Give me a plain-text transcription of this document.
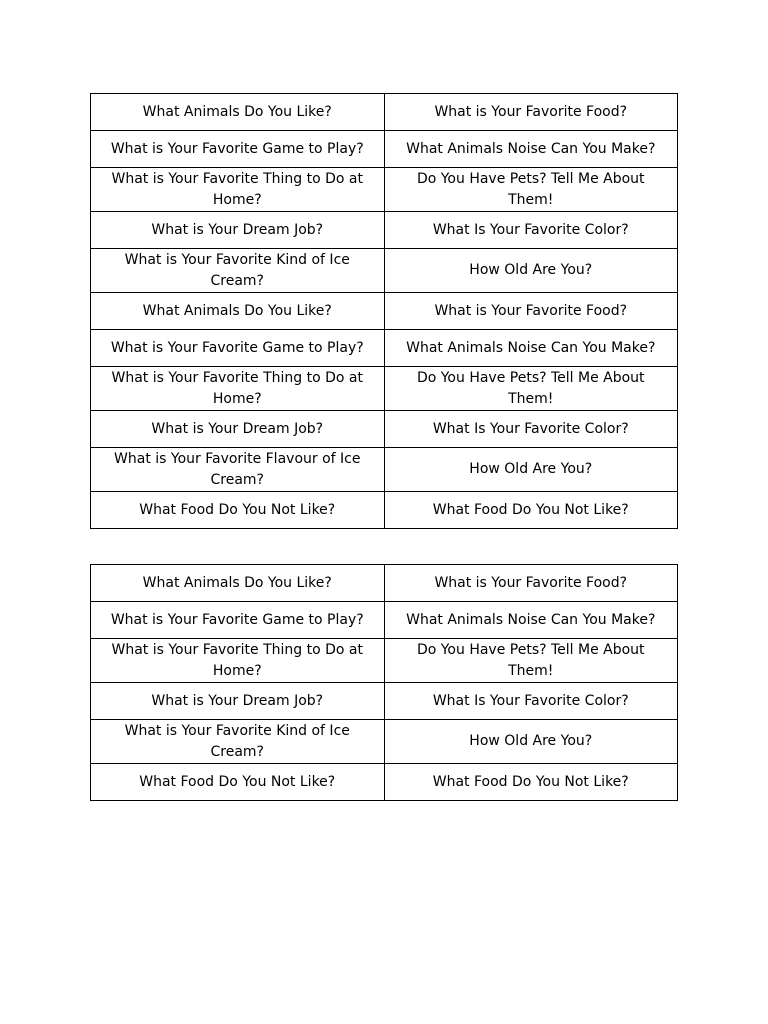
What Animals Do You Like?	What is Your Favorite Food?
What is Your Favorite Game to Play?	What Animals Noise Can You Make?
What is Your Favorite Thing to Do at Home?	Do You Have Pets? Tell Me About Them!
What is Your Dream Job?	What Is Your Favorite Color?
What is Your Favorite Kind of Ice Cream?	How Old Are You?
What Animals Do You Like?	What is Your Favorite Food?
What is Your Favorite Game to Play?	What Animals Noise Can You Make?
What is Your Favorite Thing to Do at Home?	Do You Have Pets? Tell Me About Them!
What is Your Dream Job?	What Is Your Favorite Color?
What is Your Favorite Flavour of Ice Cream?	How Old Are You?
What Food Do You Not Like?	What Food Do You Not Like?
What Animals Do You Like?	What is Your Favorite Food?
What is Your Favorite Game to Play?	What Animals Noise Can You Make?
What is Your Favorite Thing to Do at Home?	Do You Have Pets? Tell Me About Them!
What is Your Dream Job?	What Is Your Favorite Color?
What is Your Favorite Kind of Ice Cream?	How Old Are You?
What Food Do You Not Like?	What Food Do You Not Like?
